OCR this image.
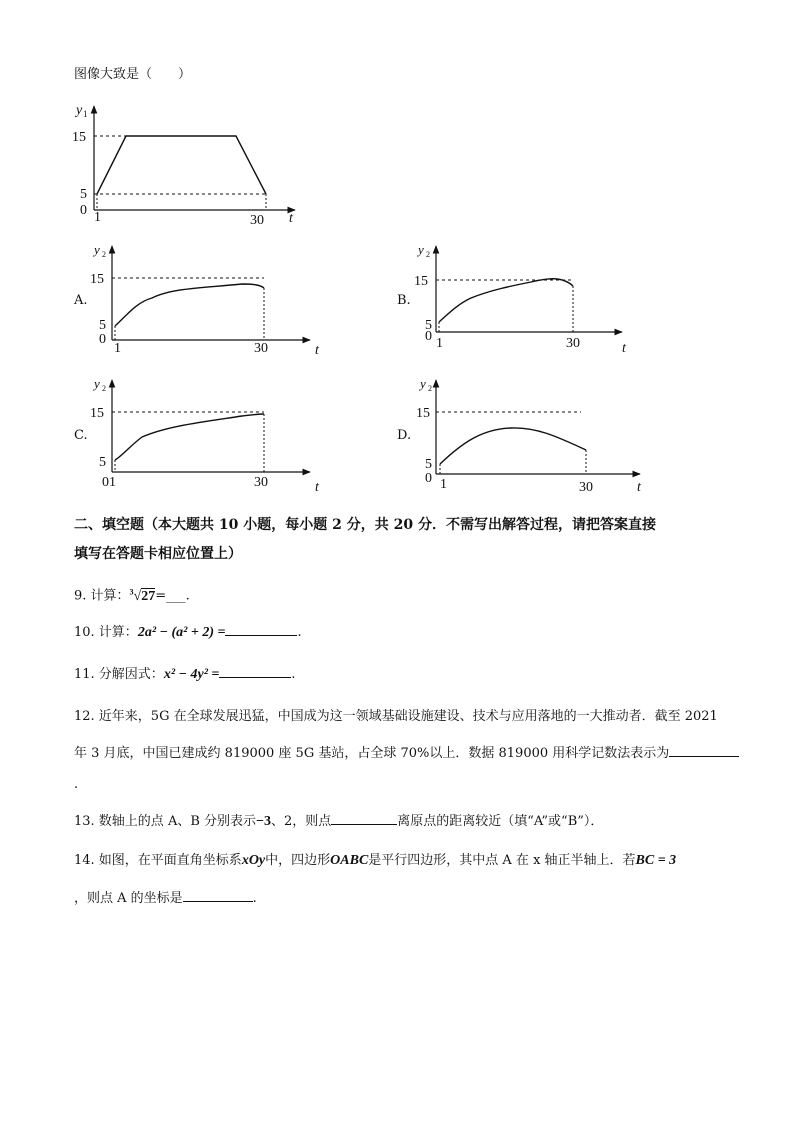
图像大致是（　　）
y 1
15
5
0 1	30 t
A.
y 2
15
5
0
1	30	t
B.
y 2
15
5
0 1	30	t
C.
y 2
15
5
01	30	t
D.
y 2
15
5
0 1	30	t
二、填空题（本大题共 10 小题，每小题 2 分，共 20 分．不需写出解答过程，请把答案直接
填写在答题卡相应位置上）
9. 计算：$^3$√27=___.
10. 计算：2a² − (a² + 2) =	.
11. 分解因式：x² − 4y² =	.
12. 近年来，5G 在全球发展迅猛，中国成为这一领域基础设施建设、技术与应用落地的一大推动者．截至 2021
年 3 月底，中国已建成约 819000 座 5G 基站，占全球 70%以上．数据 819000 用科学记数法表示为
.
13. 数轴上的点 A、B 分别表示−3、2，则点	离原点的距离较近（填“A”或“B”）．
14. 如图，在平面直角坐标系xOy中，四边形OABC是平行四边形，其中点 A 在 x 轴正半轴上．若BC = 3
，则点 A 的坐标是	.
